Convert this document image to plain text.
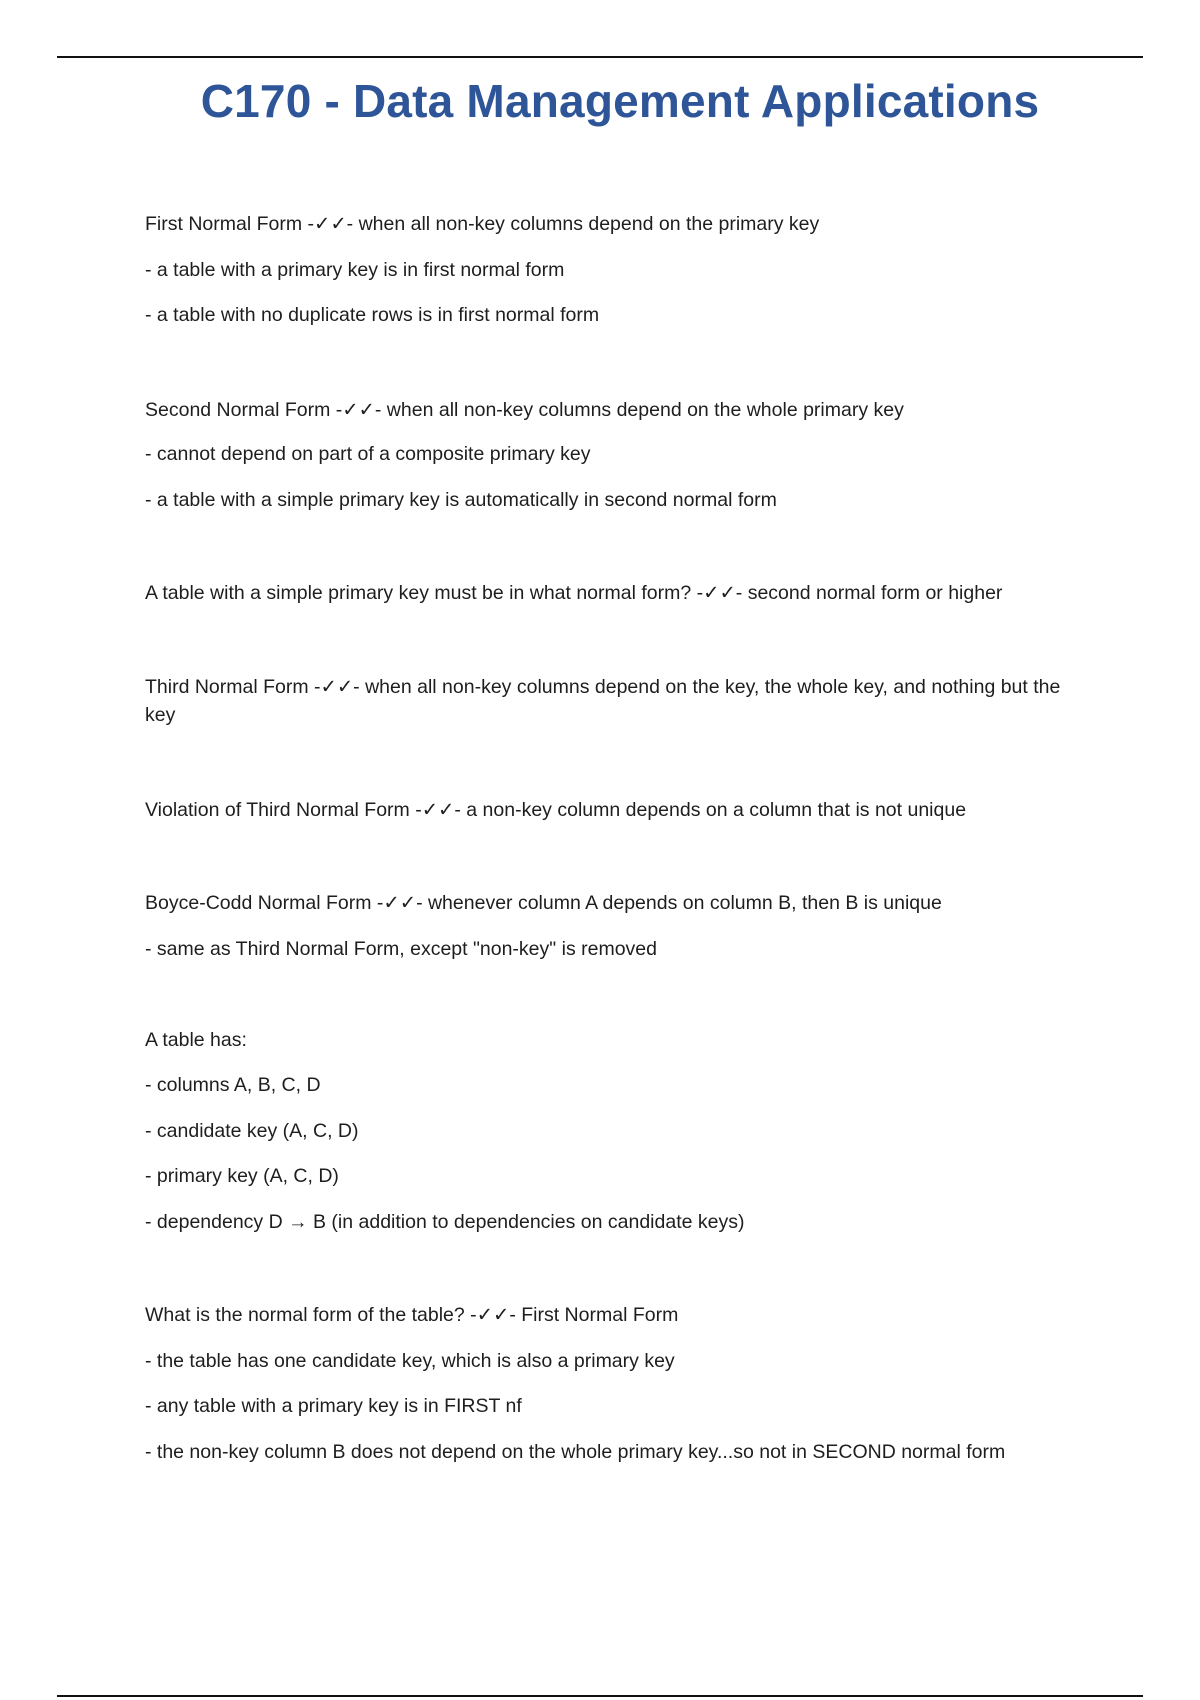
C170 - Data Management Applications
First Normal Form -✓✓- when all non-key columns depend on the primary key
- a table with a primary key is in first normal form
- a table with no duplicate rows is in first normal form
Second Normal Form -✓✓- when all non-key columns depend on the whole primary key
- cannot depend on part of a composite primary key
- a table with a simple primary key is automatically in second normal form
A table with a simple primary key must be in what normal form? -✓✓- second normal form or higher
Third Normal Form -✓✓- when all non-key columns depend on the key, the whole key, and nothing but the key
Violation of Third Normal Form -✓✓- a non-key column depends on a column that is not unique
Boyce-Codd Normal Form -✓✓- whenever column A depends on column B, then B is unique
- same as Third Normal Form, except "non-key" is removed
A table has:
- columns A, B, C, D
- candidate key (A, C, D)
- primary key (A, C, D)
- dependency D → B (in addition to dependencies on candidate keys)
What is the normal form of the table? -✓✓- First Normal Form
- the table has one candidate key, which is also a primary key
- any table with a primary key is in FIRST nf
- the non-key column B does not depend on the whole primary key...so not in SECOND normal form
